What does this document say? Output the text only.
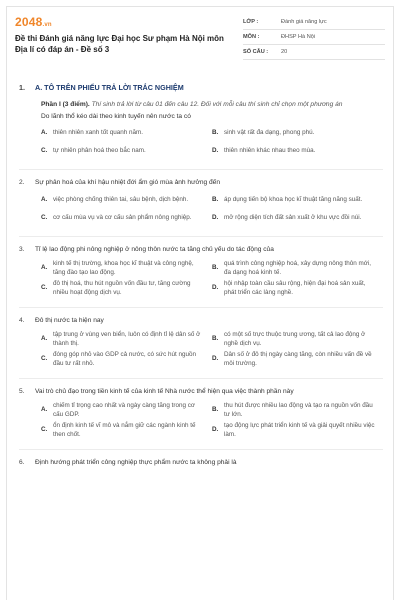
2048.vn
Đề thi Đánh giá năng lực Đại học Sư phạm Hà Nội môn Địa lí có đáp án - Đề số 3
LỚP :	Đánh giá năng lực
MÔN :	ĐHSP Hà Nội
SỐ CÂU :	20
1.	A. TÔ TRÊN PHIẾU TRẢ LỜI TRẮC NGHIỆM
Phần I (3 điểm). Thí sinh trả lời từ câu 01 đến câu 12. Đối với mỗi câu thí sinh chỉ chọn một phương án
Do lãnh thổ kéo dài theo kinh tuyến nên nước ta có
A. thiên nhiên xanh tốt quanh năm.	B. sinh vật rất đa dạng, phong phú.
C. tự nhiên phân hoá theo bắc nam.	D. thiên nhiên khác nhau theo mùa.
2.	Sự phân hoá của khí hậu nhiệt đới ẩm gió mùa ảnh hưởng đến
A. việc phòng chống thiên tai, sâu bệnh, dịch bệnh.	B. áp dụng tiến bộ khoa học kĩ thuật tăng năng suất.
C. cơ cấu mùa vụ và cơ cấu sản phẩm nông nghiệp.	D. mở rộng diện tích đất sản xuất ở khu vực đồi núi.
3.	Tỉ lệ lao động phi nông nghiệp ở nông thôn nước ta tăng chủ yếu do tác động của
A.
kinh tế thị trường, khoa học kĩ thuật và công nghệ, tăng đào tạo lao động.
B.
quá trình công nghiệp hoá, xây dựng nông thôn mới, đa dạng hoá kinh tế.
C.
đô thị hoá, thu hút nguồn vốn đầu tư, tăng cường nhiều hoạt động dịch vụ.
D.
hội nhập toàn cầu sâu rộng, hiện đại hoá sản xuất, phát triển các làng nghề.
4.	Đô thị nước ta hiện nay
A.
tập trung ở vùng ven biển, luôn có định tỉ lệ dân số ở thành thị.
B.
có một số trực thuộc trung ương, tất cả lao động ở nghề dịch vụ.
C.
đóng góp nhỏ vào GDP cả nước, có sức hút nguồn đầu tư rất nhỏ.
D.
Dân số ở đô thị ngày càng tăng, còn nhiều vấn đề về môi trường.
5.	Vai trò chủ đạo trong tiền kinh tế của kinh tế Nhà nước thể hiện qua việc thành phần này
A.
chiếm tỉ trọng cao nhất và ngày càng tăng trong cơ cấu GDP.
B.
thu hút được nhiều lao động và tạo ra nguồn vốn đầu tư lớn.
C.
ổn định kinh tế vĩ mô và nắm giữ các ngành kinh tế then chốt.
D.
tạo động lực phát triển kinh tế và giải quyết nhiều việc làm.
6.	Định hướng phát triển công nghiệp thực phẩm nước ta không phải là
